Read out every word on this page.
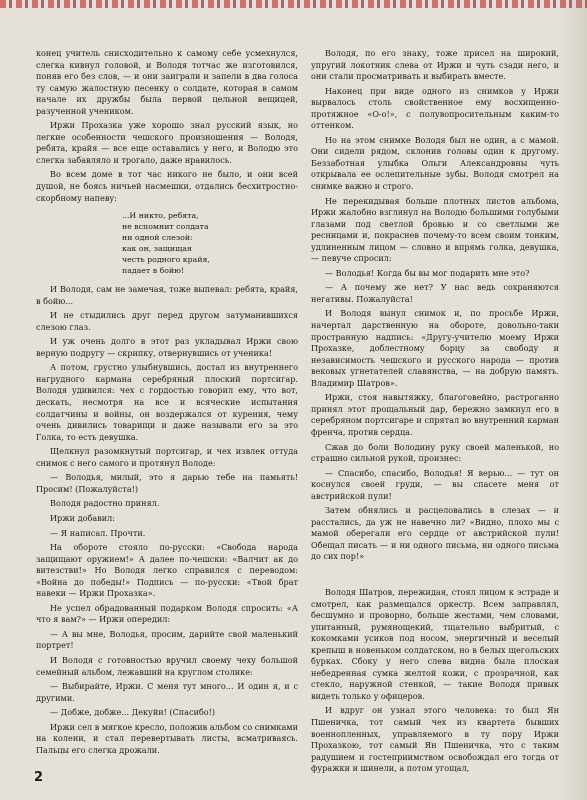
конец учитель снисходительно к самому себе усмехнулся, слегка кивнул головой, и Володя тотчас же изготовился, поняв его без слов, — и они заиграли и запели в два голоса ту самую жалостную песенку о солдате, которая в самом начале их дружбы была первой цельной вещицей, разученной учеником.

Иржи Прохазка уже хорошо знал русский язык, но легкие особенности чешского произношения — Володя, ребята, крайя — все еще оставались у него, и Володю это слегка забавляло и трогало, даже нравилось.

Во всем доме в тот час никого не было, и они всей душой, не боясь ничьей насмешки, отдались бесхитростно-скорбному напеву:

...И никто, ребята,
не вспомнит солдата
ни одной слезой:
как он, защищая
честь родного крайя,
падает в бойю!

И Володя, сам не замечая, тоже выпевал: ребята, крайя, в бойю...

И не стыдились друг перед другом затуманившихся слезою глаз.

И уж очень долго в этот раз укладывал Иржи свою верную подругу — скрипку, отвернувшись от ученика!

А потом, грустно улыбнувшись, достал из внутреннего нагрудного кармана серебряный плоский портсигар. Володя удивился: чех с гордостью говорил ему, что вот, дескать, несмотря на все и всяческие испытания солдатчины и войны, он воздержался от курения, чему очень дивились товарищи и даже называли его за это Голка, то есть девушка.

Щелкнул разомкнутый портсигар, и чех извлек оттуда снимок с него самого и протянул Володе:

— Володья, милый, это я дарью тебе на памьять! Просим! (Пожалуйста!)

Володя радостно принял.

Иржи добавил:

— Я написал. Прочти.

На обороте стояло по-русски: «Свобода народа защищают оружием!» А далее по-чешски: «Валчит ак до витезстви!» Но Володя легко справился с переводом: «Война до победы!» Подпись — по-русски: «Твой брат навеки — Иржи Прохазка».

Не успел обрадованный подарком Володя спросить: «А что я вам?» — Иржи опередил:

— А вы мне, Володья, просим, дарийте свой маленький портрет!

И Володя с готовностью вручил своему чеху большой семейный альбом, лежавший на круглом столике:

— Выбирайте, Иржи. С меня тут много... И один я, и с другими.

— Добже, добже... Декуйи! (Спасибо!)

Иржи сел в мягкое кресло, положив альбом со снимками на колени, и стал перевертывать листы, всматриваясь. Пальцы его слегка дрожали.

Володя, по его знаку, тоже присел на широкий, упругий локотник слева от Иржи и чуть сзади него, и они стали просматривать и выбирать вместе.

Наконец при виде одного из снимков у Иржи вырвалось столь свойственное ему восхищенно-протяжное «О-о!», с полувопросительным каким-то оттенком.

Но на этом снимке Володя был не один, а с мамой. Они сидели рядом, склонив головы один к другому. Беззаботная улыбка Ольги Александровны чуть открывала ее ослепительные зубы. Володя смотрел на снимке важно и строго.

Не перекидывая больше плотных листов альбома, Иржи жалобно взглянул на Володю большими голубыми глазами под светлой бровью и со светлыми же ресницами и, покраснев почему-то всем своим тонким, удлиненным лицом — словно и впрямь голка, девушка, — певуче спросил:

— Володья! Когда бы вы мог подарить мне это?

— А почему же нет? У нас ведь сохраняются негативы. Пожалуйста!

И Володя вынул снимок и, по просьбе Иржи, начертал дарственную на обороте, довольно-таки пространную надпись: «Другу-учителю моему Иржи Прохазке, доблестному борцу за свободу и независимость чешского и русского народа — против вековых угнетателей славянства, — на добрую память. Владимир Шатров».

Иржи, стоя навытяжку, благоговейно, растроганно принял этот прощальный дар, бережно замкнул его в серебряном портсигаре и спрятал во внутренний карман френча, против сердца.

Сжав до боли Володину руку своей маленькой, но страшно сильной рукой, произнес:

— Спасибо, спасибо, Володья! Я верью... — тут он коснулся своей груди, — вы спасете меня от австрийской пули!

Затем обнялись и расцеловались в слезах — и расстались, да уж не навечно ли? «Видно, плохо мы с мамой оберегали его сердце от австрийской пули! Обещал писать — и ни одного письма, ни одного письма до сих пор!»

Володя Шатров, пережидая, стоял лицом к эстраде и смотрел, как размещался оркестр. Всем заправлял, бесшумно и проворно, больше жестами, чем словами, упитанный, румянощекий, тщательно выбритый, с кокомками усиков под носом, энергичный и веселый крепыш в новеньком солдатском, но в белых щегольских бурках. Сбоку у него слева видна была плоская небедренная сумка желтой кожи, с прозрачной, как стекло, наружной стенкой, — такие Володя привык видеть только у офицеров.

И вдруг он узнал этого человека: то был Ян Пшеничка, тот самый чех из квартета бывших военнопленных, управляемого в ту пору Иржи Прохазкою, тот самый Ян Пшеничка, что с таким радушием и гостеприимством освобождал его тогда от фуражки и шинели, а потом угощал,

2
